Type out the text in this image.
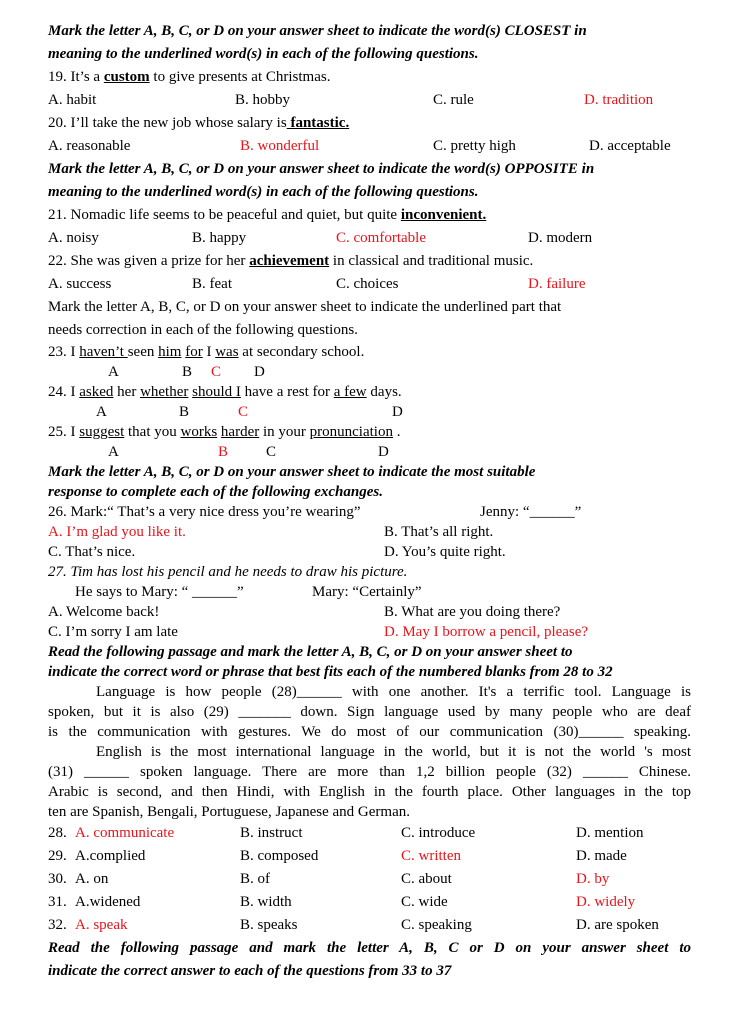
Mark the letter A, B, C, or D on your answer sheet to indicate the word(s) CLOSEST in
meaning to the underlined word(s) in each of the following questions.
19. It’s a custom to give presents at Christmas.
A. habit	B. hobby	C. rule	D. tradition
20. I’ll take the new job whose salary is fantastic.
A. reasonable	B. wonderful	C. pretty high	D. acceptable
Mark the letter A, B, C, or D on your answer sheet to indicate the word(s) OPPOSITE in
meaning to the underlined word(s) in each of the following questions.
21. Nomadic life seems to be peaceful and quiet, but quite inconvenient.
A. noisy	B. happy	C. comfortable	D. modern
22. She was given a prize for her achievement in classical and traditional music.
A. success	B. feat	C. choices	D. failure
Mark the letter A, B, C, or D on your answer sheet to indicate the underlined part that
needs correction in each of the following questions.
23. I haven’t seen him for I was at secondary school.
A	B C D
24. I asked her whether should I have a rest for a few days.
A	B	C	D
25. I suggest that you works harder in your pronunciation .
A	B	C	D
Mark the letter A, B, C, or D on your answer sheet to indicate the most suitable
response to complete each of the following exchanges.
26. Mark:“ That’s a very nice dress you’re wearing”	Jenny: “______”
A. I’m glad you like it.	B. That’s all right.
C. That’s nice.	D. You’s quite right.
27. Tim has lost his pencil and he needs to draw his picture.
He says to Mary: “ ______”	Mary: “Certainly”
A. Welcome back!	B. What are you doing there?
C. I’m sorry I am late	D. May I borrow a pencil, please?
Read the following passage and mark the letter A, B, C, or D on your answer sheet to
indicate the correct word or phrase that best fits each of the numbered blanks from 28 to 32
Language is how people (28)______ with one another. It's a terrific tool. Language is
spoken, but it is also (29) _______ down. Sign language used by many people who are deaf
is the communication with gestures. We do most of our communication (30)______ speaking.
English is the most international language in the world, but it is not the world 's most
(31) ______ spoken language. There are more than 1,2 billion people (32) ______ Chinese.
Arabic is second, and then Hindi, with English in the fourth place. Other languages in the top
ten are Spanish, Bengali, Portuguese, Japanese and German.
28. A. communicate	B. instruct	C. introduce	D. mention
29. A.complied	B. composed	C. written	D. made
30. A. on	B. of	C. about	D. by
31. A.widened	B. width	C. wide	D. widely
32. A. speak	B. speaks	C. speaking	D. are spoken
Read the following passage and mark the letter A, B, C or D on your answer sheet to
indicate the correct answer to each of the questions from 33 to 37
